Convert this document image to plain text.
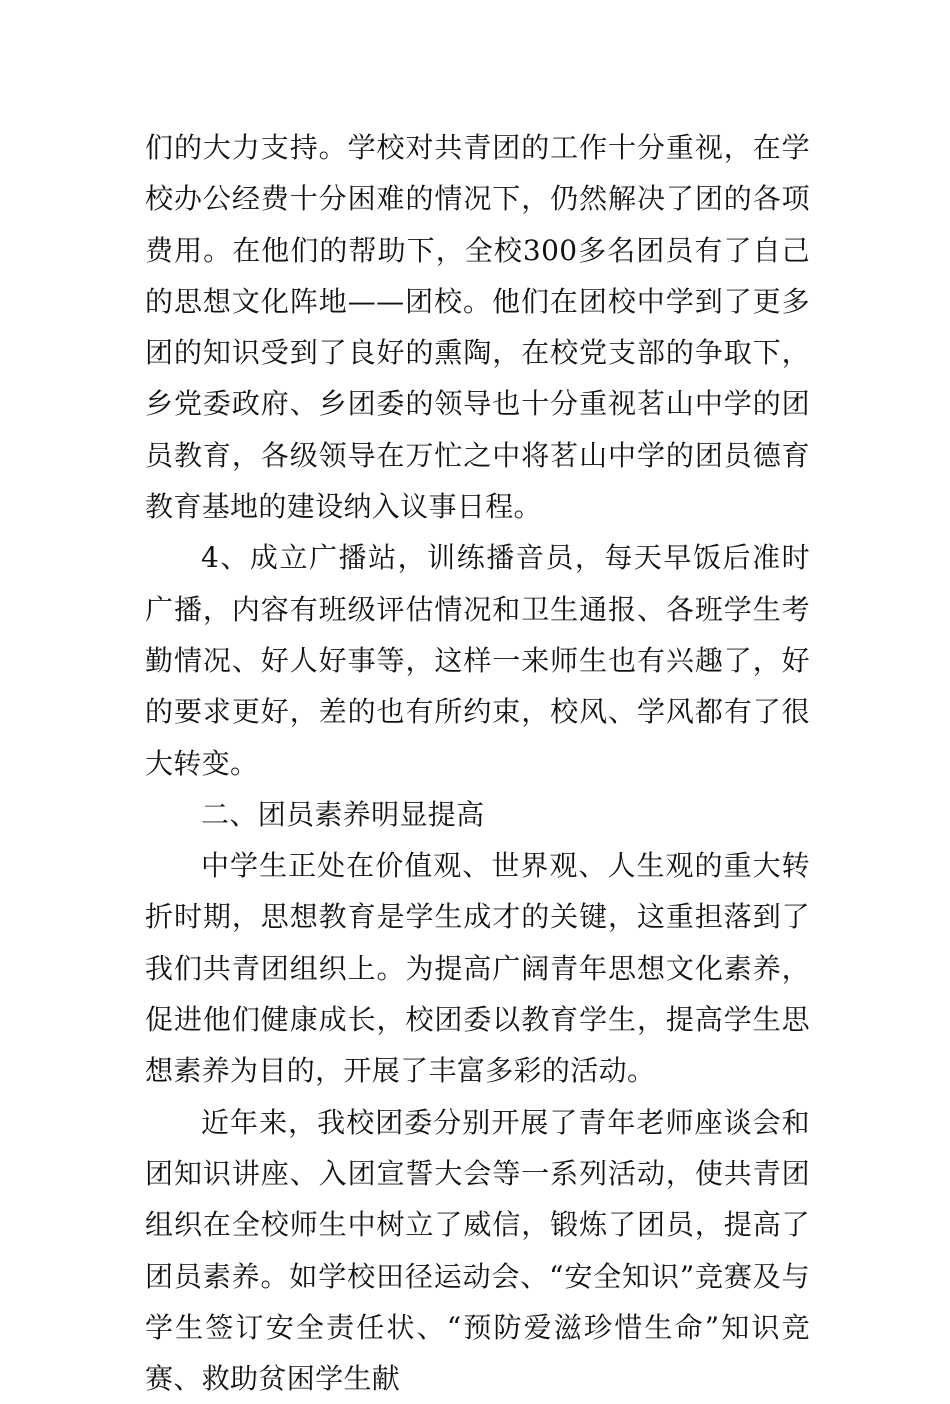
们的大力支持。学校对共青团的工作十分重视，在学校办公经费十分困难的情况下，仍然解决了团的各项费用。在他们的帮助下，全校300多名团员有了自己的思想文化阵地——团校。他们在团校中学到了更多团的知识受到了良好的熏陶，在校党支部的争取下，乡党委政府、乡团委的领导也十分重视茗山中学的团员教育，各级领导在万忙之中将茗山中学的团员德育教育基地的建设纳入议事日程。

4、成立广播站，训练播音员，每天早饭后准时广播，内容有班级评估情况和卫生通报、各班学生考勤情况、好人好事等，这样一来师生也有兴趣了，好的要求更好，差的也有所约束，校风、学风都有了很大转变。

二、团员素养明显提高

中学生正处在价值观、世界观、人生观的重大转折时期，思想教育是学生成才的关键，这重担落到了我们共青团组织上。为提高广阔青年思想文化素养，促进他们健康成长，校团委以教育学生，提高学生思想素养为目的，开展了丰富多彩的活动。

近年来，我校团委分别开展了青年老师座谈会和团知识讲座、入团宣誓大会等一系列活动，使共青团组织在全校师生中树立了威信，锻炼了团员，提高了团员素养。如学校田径运动会、“安全知识”竞赛及与学生签订安全责任状、“预防爱滋珍惜生命”知识竞赛、救助贫困学生献
